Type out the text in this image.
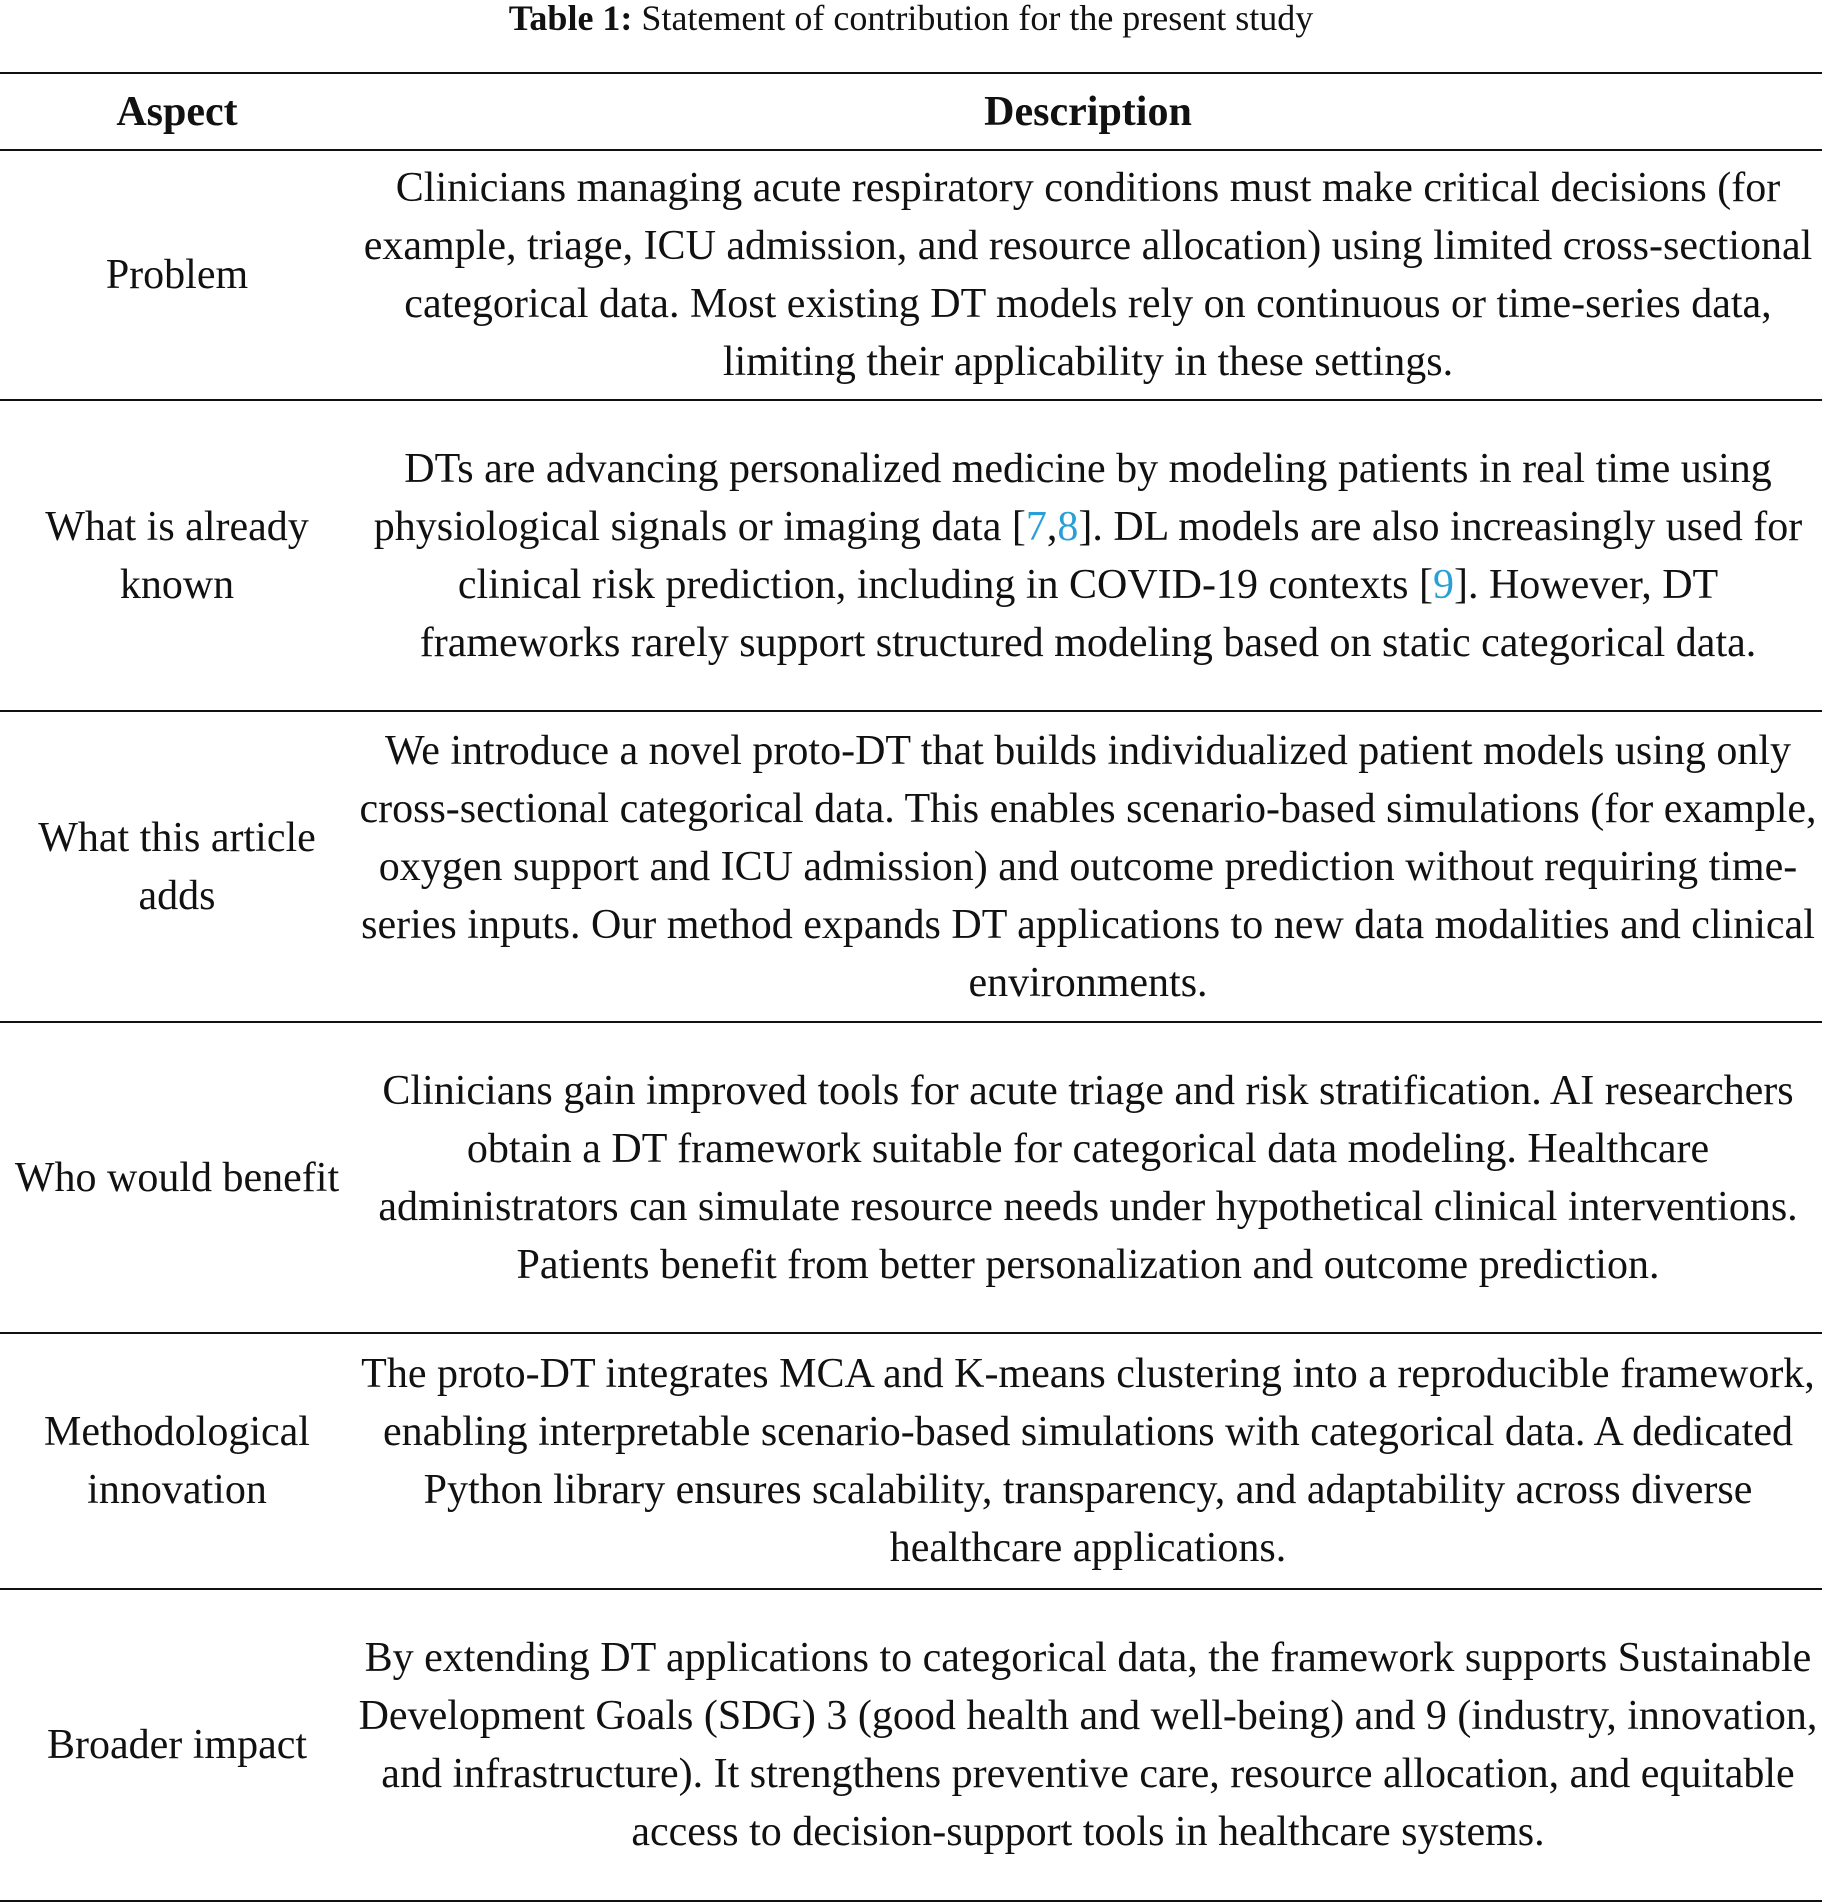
Table 1: Statement of contribution for the present study
Aspect	Description
Problem	Clinicians managing acute respiratory conditions must make critical decisions (for example, triage, ICU admission, and resource allocation) using limited cross-sectional categorical data. Most existing DT models rely on continuous or time-series data, limiting their applicability in these settings.
What is already known	DTs are advancing personalized medicine by modeling patients in real time using physiological signals or imaging data [7,8]. DL models are also increasingly used for clinical risk prediction, including in COVID-19 contexts [9]. However, DT frameworks rarely support structured modeling based on static categorical data.
What this article adds	We introduce a novel proto-DT that builds individualized patient models using only cross-sectional categorical data. This enables scenario-based simulations (for example, oxygen support and ICU admission) and outcome prediction without requiring time-series inputs. Our method expands DT applications to new data modalities and clinical environments.
Who would benefit	Clinicians gain improved tools for acute triage and risk stratification. AI researchers obtain a DT framework suitable for categorical data modeling. Healthcare administrators can simulate resource needs under hypothetical clinical interventions. Patients benefit from better personalization and outcome prediction.
Methodological innovation	The proto-DT integrates MCA and K-means clustering into a reproducible framework, enabling interpretable scenario-based simulations with categorical data. A dedicated Python library ensures scalability, transparency, and adaptability across diverse healthcare applications.
Broader impact	By extending DT applications to categorical data, the framework supports Sustainable Development Goals (SDG) 3 (good health and well-being) and 9 (industry, innovation, and infrastructure). It strengthens preventive care, resource allocation, and equitable access to decision-support tools in healthcare systems.
